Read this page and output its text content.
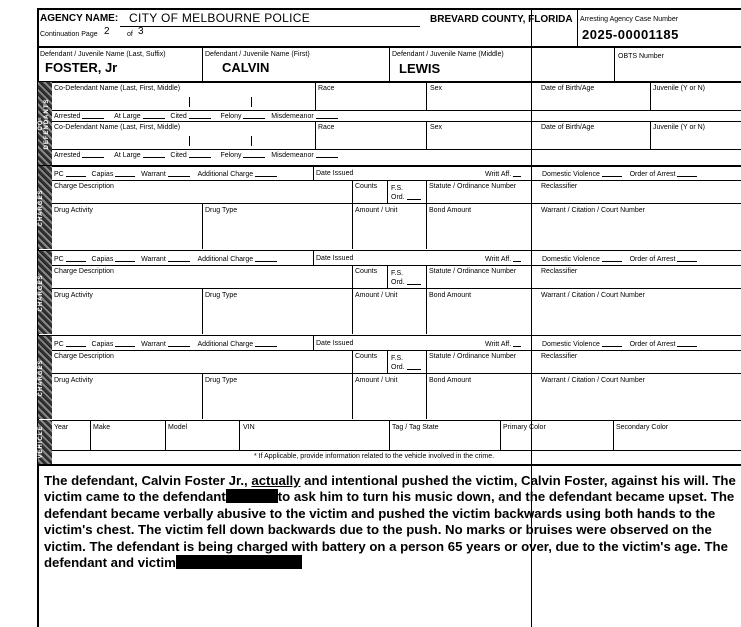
AGENCY NAME: CITY OF MELBOURNE POLICE
Continuation Page 2 of 3
BREVARD COUNTY, FLORIDA Arresting Agency Case Number
2025-00001185
Defendant / Juvenile Name (Last, Suffix)
FOSTER, Jr
Defendant / Juvenile Name (First)
CALVIN
Defendant / Juvenile Name (Middle)
LEWIS
OBTS Number
CO-DEFENDANTS
Co-Defendant Name (Last, First, Middle)	Race	Sex	Date of Birth/Age	Juvenile (Y or N)
Arrested	At Large	Cited	Felony	Misdemeanor
Co-Defendant Name (Last, First, Middle)	Race	Sex	Date of Birth/Age	Juvenile (Y or N)
Arrested	At Large	Cited	Felony	Misdemeanor
CHARGES
PC	Capias	Warrant	Additional Charge	Date Issued	Writt Aff.	Domestic Violence	Order of Arrest
Charge Description	Counts F.S.
Ord.
Statute / Ordinance Number	Reclassifier
Drug Activity	Drug Type	Amount / Unit	Bond Amount	Warrant / Citation / Court Number
CHARGES
PC	Capias	Warrant	Additional Charge	Date Issued	Writt Aff.	Domestic Violence	Order of Arrest
Charge Description	Counts F.S.
Ord.
Statute / Ordinance Number	Reclassifier
Drug Activity	Drug Type	Amount / Unit	Bond Amount	Warrant / Citation / Court Number
CHARGES
PC	Capias	Warrant	Additional Charge	Date Issued	Writt Aff.	Domestic Violence	Order of Arrest
Charge Description	Counts F.S.
Ord.
Statute / Ordinance Number	Reclassifier
Drug Activity	Drug Type	Amount / Unit	Bond Amount	Warrant / Citation / Court Number
VEHICLE	Year	Make	Model	VIN	Tag / Tag State	Primary Color	Secondary Color
* If Applicable, provide information related to the vehicle involved in the crime.
The defendant, Calvin Foster Jr., actually and intentional pushed the victim, Calvin Foster, against his will. The victim came to the defendant	to ask him to turn his music down, and the defendant became upset. The defendant became verbally abusive to the victim and pushed the victim backwards using both hands to the victim's chest. The victim fell down backwards due to the push. No marks or bruises were observed on the victim. The defendant is being charged with battery on a person 65 years or over, due to the victim's age. The defendant and victim
